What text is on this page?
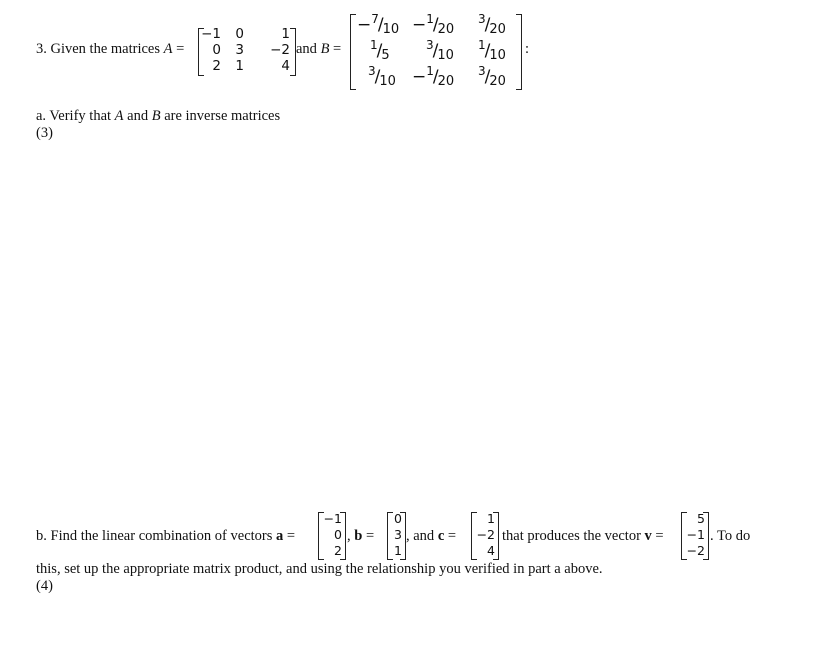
3. Given the matrices A =
−1 0	1
0 3 −2
2 1	4
and B =
$-^7/_{10} -^1/_{20}$
$^3/_{20}$
$^1/_5$
$^3/_{10}$
$^1/_{10}$
$^3/_{10} -^1/_{20}$
$^3/_{20}$
:
a. Verify that A and B are inverse matrices
(3)
b. Find the linear combination of vectors a =
−1
0
2
, b =
0
3
1
, and c =
1
−2
4
that produces the vector v =
5
−1
−2
. To do
this, set up the appropriate matrix product, and using the relationship you verified in part a above.
(4)
